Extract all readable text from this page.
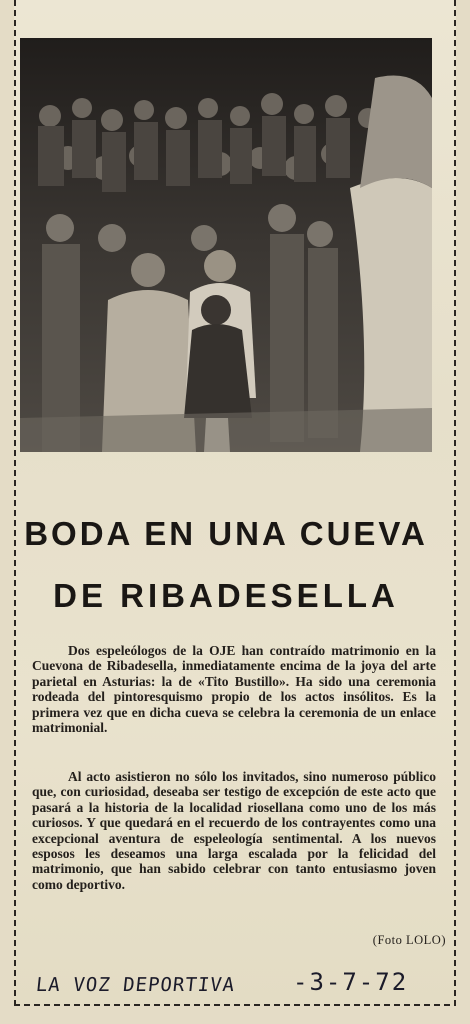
BODA EN UNA CUEVA
DE RIBADESELLA

Dos espeleólogos de la OJE han contraído matrimonio en la Cuevona de Ribadesella, inmediatamente encima de la joya del arte parietal en Asturias: la de «Tito Bustillo». Ha sido una ceremonia rodeada del pintoresquismo propio de los actos insólitos. Es la primera vez que en dicha cueva se celebra la ceremonia de un enlace matrimonial.

Al acto asistieron no sólo los invitados, sino numeroso público que, con curiosidad, deseaba ser testigo de excepción de este acto que pasará a la historia de la localidad riosellana como uno de los más curiosos. Y que quedará en el recuerdo de los contrayentes como una excepcional aventura de espeleología sentimental. A los nuevos esposos les deseamos una larga escalada por la felicidad del matrimonio, que han sabido celebrar con tanto entusiasmo joven como deportivo.

(Foto LOLO)
LA VOZ DEPORTIVA -3-7-72
